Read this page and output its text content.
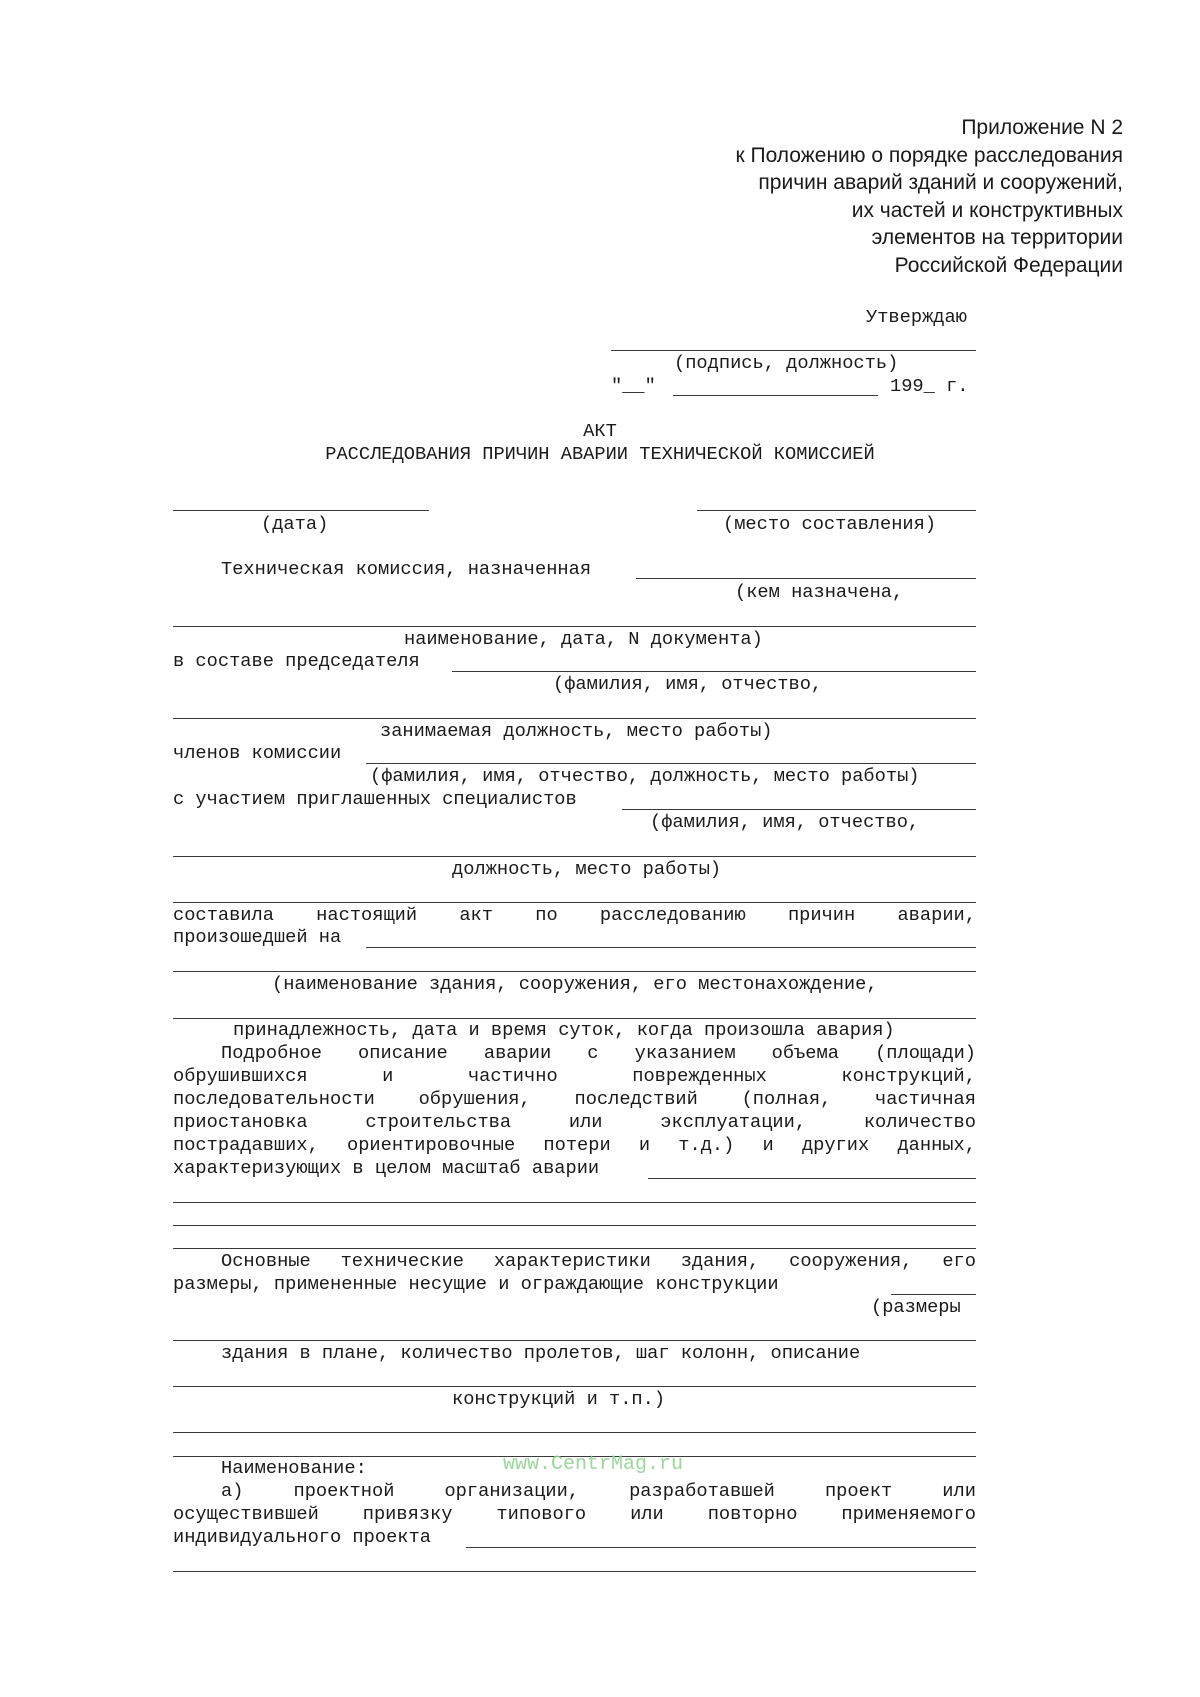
Приложение N 2
к Положению о порядке расследования
причин аварий зданий и сооружений,
их частей и конструктивных
элементов на территории
Российской Федерации
Утверждаю
(подпись, должность)
"__"	199_ г.
АКТ
РАССЛЕДОВАНИЯ ПРИЧИН АВАРИИ ТЕХНИЧЕСКОЙ КОМИССИЕЙ
(дата)	(место составления)
Техническая комиссия, назначенная
(кем назначена,
наименование, дата, N документа)
в составе председателя
(фамилия, имя, отчество,
занимаемая должность, место работы)
членов комиссии
(фамилия, имя, отчество, должность, место работы)
с участием приглашенных специалистов
(фамилия, имя, отчество,
должность, место работы)
составила настоящий акт по расследованию причин аварии,
произошедшей на
(наименование здания, сооружения, его местонахождение,
принадлежность, дата и время суток, когда произошла авария)
Подробное описание аварии с указанием объема (площади)
обрушившихся	и	частично	поврежденных	конструкций,
последовательности обрушения, последствий (полная, частичная
приостановка	строительства	или	эксплуатации,	количество
пострадавших, ориентировочные потери и т.д.) и других данных,
характеризующих в целом масштаб аварии
Основные технические характеристики здания, сооружения, его
размеры, примененные несущие и ограждающие конструкции
(размеры
здания в плане, количество пролетов, шаг колонн, описание
конструкций и т.п.)
Наименование:
а)	проектной	организации,	разработавшей	проект	или
осуществившей привязку типового или повторно применяемого
индивидуального проекта
www.CentrMag.ru
